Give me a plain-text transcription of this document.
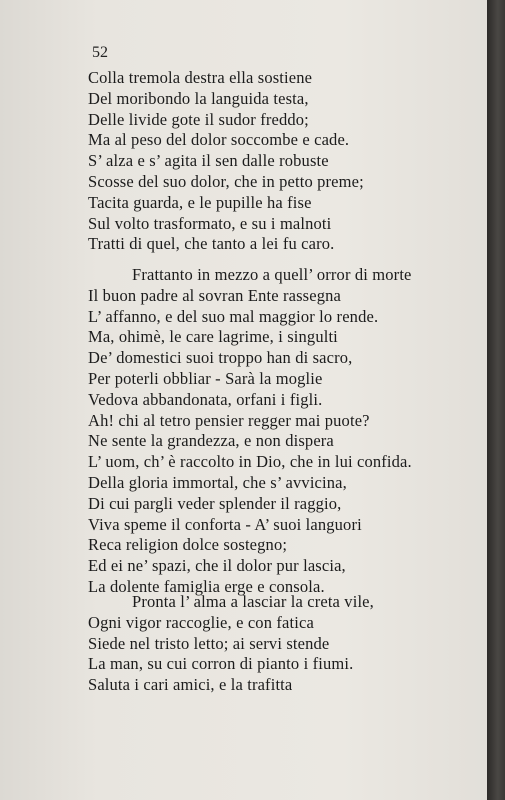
52
Colla tremola destra ella sostiene
Del moribondo la languida testa,
Delle livide gote il sudor freddo;
Ma al peso del dolor soccombe e cade.
S’ alza e s’ agita il sen dalle robuste
Scosse del suo dolor, che in petto preme;
Tacita guarda, e le pupille ha fise
Sul volto trasformato, e su i malnoti
Tratti di quel, che tanto a lei fu caro.
Frattanto in mezzo a quell’ orror di morte
Il buon padre al sovran Ente rassegna
L’ affanno, e del suo mal maggior lo rende.
Ma, ohimè, le care lagrime, i singulti
De’ domestici suoi troppo han di sacro,
Per poterli obbliar - Sarà la moglie
Vedova abbandonata, orfani i figli.
Ah! chi al tetro pensier regger mai puote?
Ne sente la grandezza, e non dispera
L’ uom, ch’ è raccolto in Dio, che in lui confida.
Della gloria immortal, che s’ avvicina,
Di cui pargli veder splender il raggio,
Viva speme il conforta - A’ suoi languori
Reca religion dolce sostegno;
Ed ei ne’ spazi, che il dolor pur lascia,
La dolente famiglia erge e consola.
Pronta l’ alma a lasciar la creta vile,
Ogni vigor raccoglie, e con fatica
Siede nel tristo letto; ai servi stende
La man, su cui corron di pianto i fiumi.
Saluta i cari amici, e la trafitta
